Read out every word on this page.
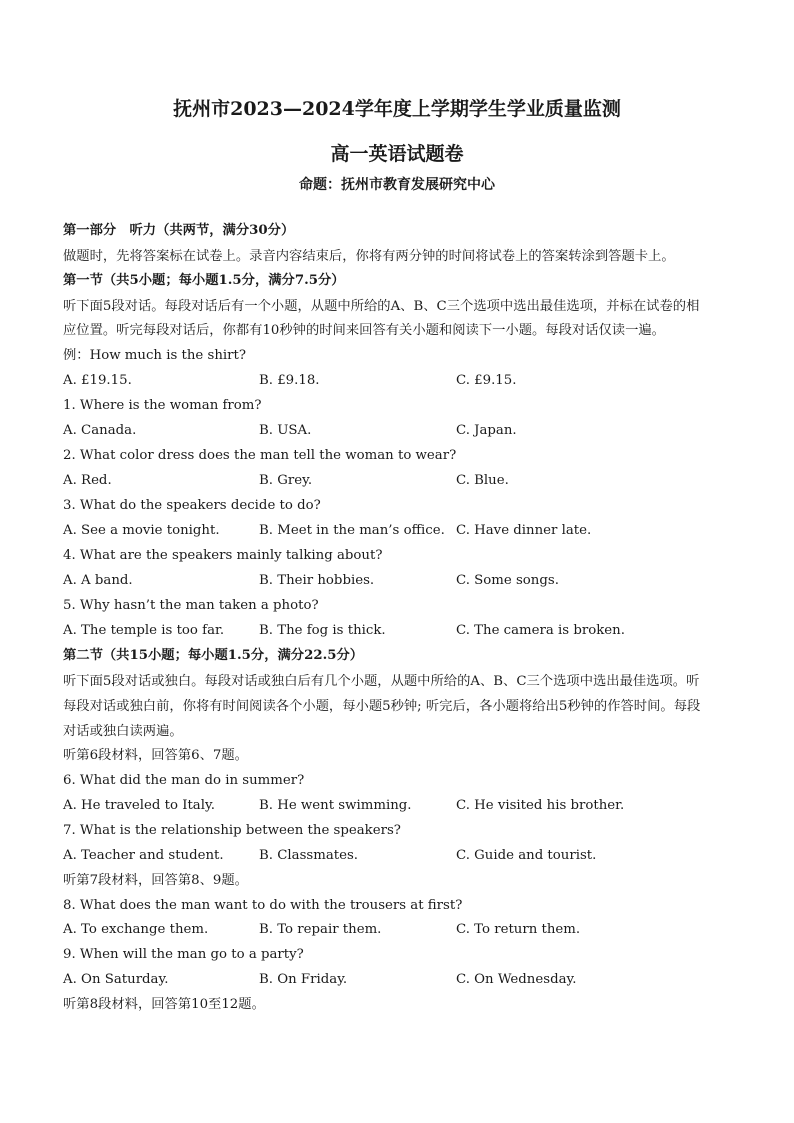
抚州市2023—2024学年度上学期学生学业质量监测
高一英语试题卷
命题：抚州市教育发展研究中心
第一部分　听力（共两节，满分30分）
做题时，先将答案标在试卷上。录音内容结束后，你将有两分钟的时间将试卷上的答案转涂到答题卡上。
第一节（共5小题；每小题1.5分，满分7.5分）
听下面5段对话。每段对话后有一个小题，从题中所给的A、B、C三个选项中选出最佳选项，并标在试卷的相
应位置。听完每段对话后，你都有10秒钟的时间来回答有关小题和阅读下一小题。每段对话仅读一遍。
例：How much is the shirt?
A. £19.15.	B. £9.18.	C. £9.15.
1. Where is the woman from?
A. Canada.	B. USA.	C. Japan.
2. What color dress does the man tell the woman to wear?
A. Red.	B. Grey.	C. Blue.
3. What do the speakers decide to do?
A. See a movie tonight.	B. Meet in the man’s office. C. Have dinner late.
4. What are the speakers mainly talking about?
A. A band.	B. Their hobbies.	C. Some songs.
5. Why hasn’t the man taken a photo?
A. The temple is too far.	B. The fog is thick.	C. The camera is broken.
第二节（共15小题；每小题1.5分，满分22.5分）
听下面5段对话或独白。每段对话或独白后有几个小题，从题中所给的A、B、C三个选项中选出最佳选项。听
每段对话或独白前，你将有时间阅读各个小题，每小题5秒钟; 听完后，各小题将给出5秒钟的作答时间。每段
对话或独白读两遍。
听第6段材料，回答第6、7题。
6. What did the man do in summer?
A. He traveled to Italy.	B. He went swimming.	C. He visited his brother.
7. What is the relationship between the speakers?
A. Teacher and student.	B. Classmates.	C. Guide and tourist.
听第7段材料，回答第8、9题。
8. What does the man want to do with the trousers at first?
A. To exchange them.	B. To repair them.	C. To return them.
9. When will the man go to a party?
A. On Saturday.	B. On Friday.	C. On Wednesday.
听第8段材料，回答第10至12题。
